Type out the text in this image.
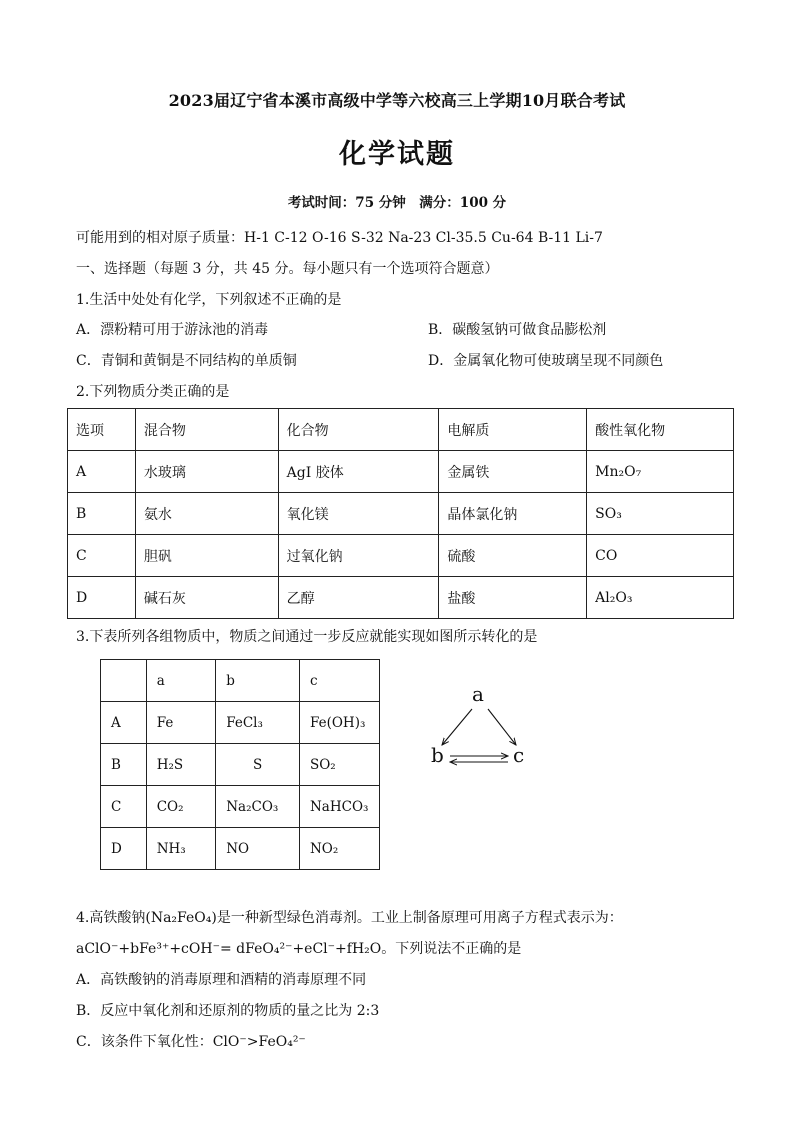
2023届辽宁省本溪市高级中学等六校高三上学期10月联合考试
化学试题
考试时间：75 分钟　满分：100 分
可能用到的相对原子质量：H-1 C-12 O-16 S-32 Na-23 Cl-35.5 Cu-64 B-11 Li-7
一、选择题（每题 3 分，共 45 分。每小题只有一个选项符合题意）
1.生活中处处有化学，下列叙述不正确的是
A．漂粉精可用于游泳池的消毒	B．碳酸氢钠可做食品膨松剂
C．青铜和黄铜是不同结构的单质铜	D．金属氧化物可使玻璃呈现不同颜色
2.下列物质分类正确的是
选项	混合物	化合物	电解质	酸性氧化物
A	水玻璃	AgI 胶体	金属铁	Mn₂O₇
B	氨水	氧化镁	晶体氯化钠	SO₃
C	胆矾	过氧化钠	硫酸	CO
D	碱石灰	乙醇	盐酸	Al₂O₃
3.下表所列各组物质中，物质之间通过一步反应就能实现如图所示转化的是
	a	b	c
A	Fe	FeCl₃	Fe(OH)₃
B	H₂S	S	SO₂
C	CO₂	Na₂CO₃	NaHCO₃
D	NH₃	NO	NO₂
a
b	c
4.高铁酸钠(Na₂FeO₄)是一种新型绿色消毒剂。工业上制备原理可用离子方程式表示为：
aClO⁻+bFe³⁺+cOH⁻= dFeO₄²⁻+eCl⁻+fH₂O。下列说法不正确的是
A．高铁酸钠的消毒原理和酒精的消毒原理不同
B．反应中氧化剂和还原剂的物质的量之比为 2:3
C．该条件下氧化性：ClO⁻>FeO₄²⁻
